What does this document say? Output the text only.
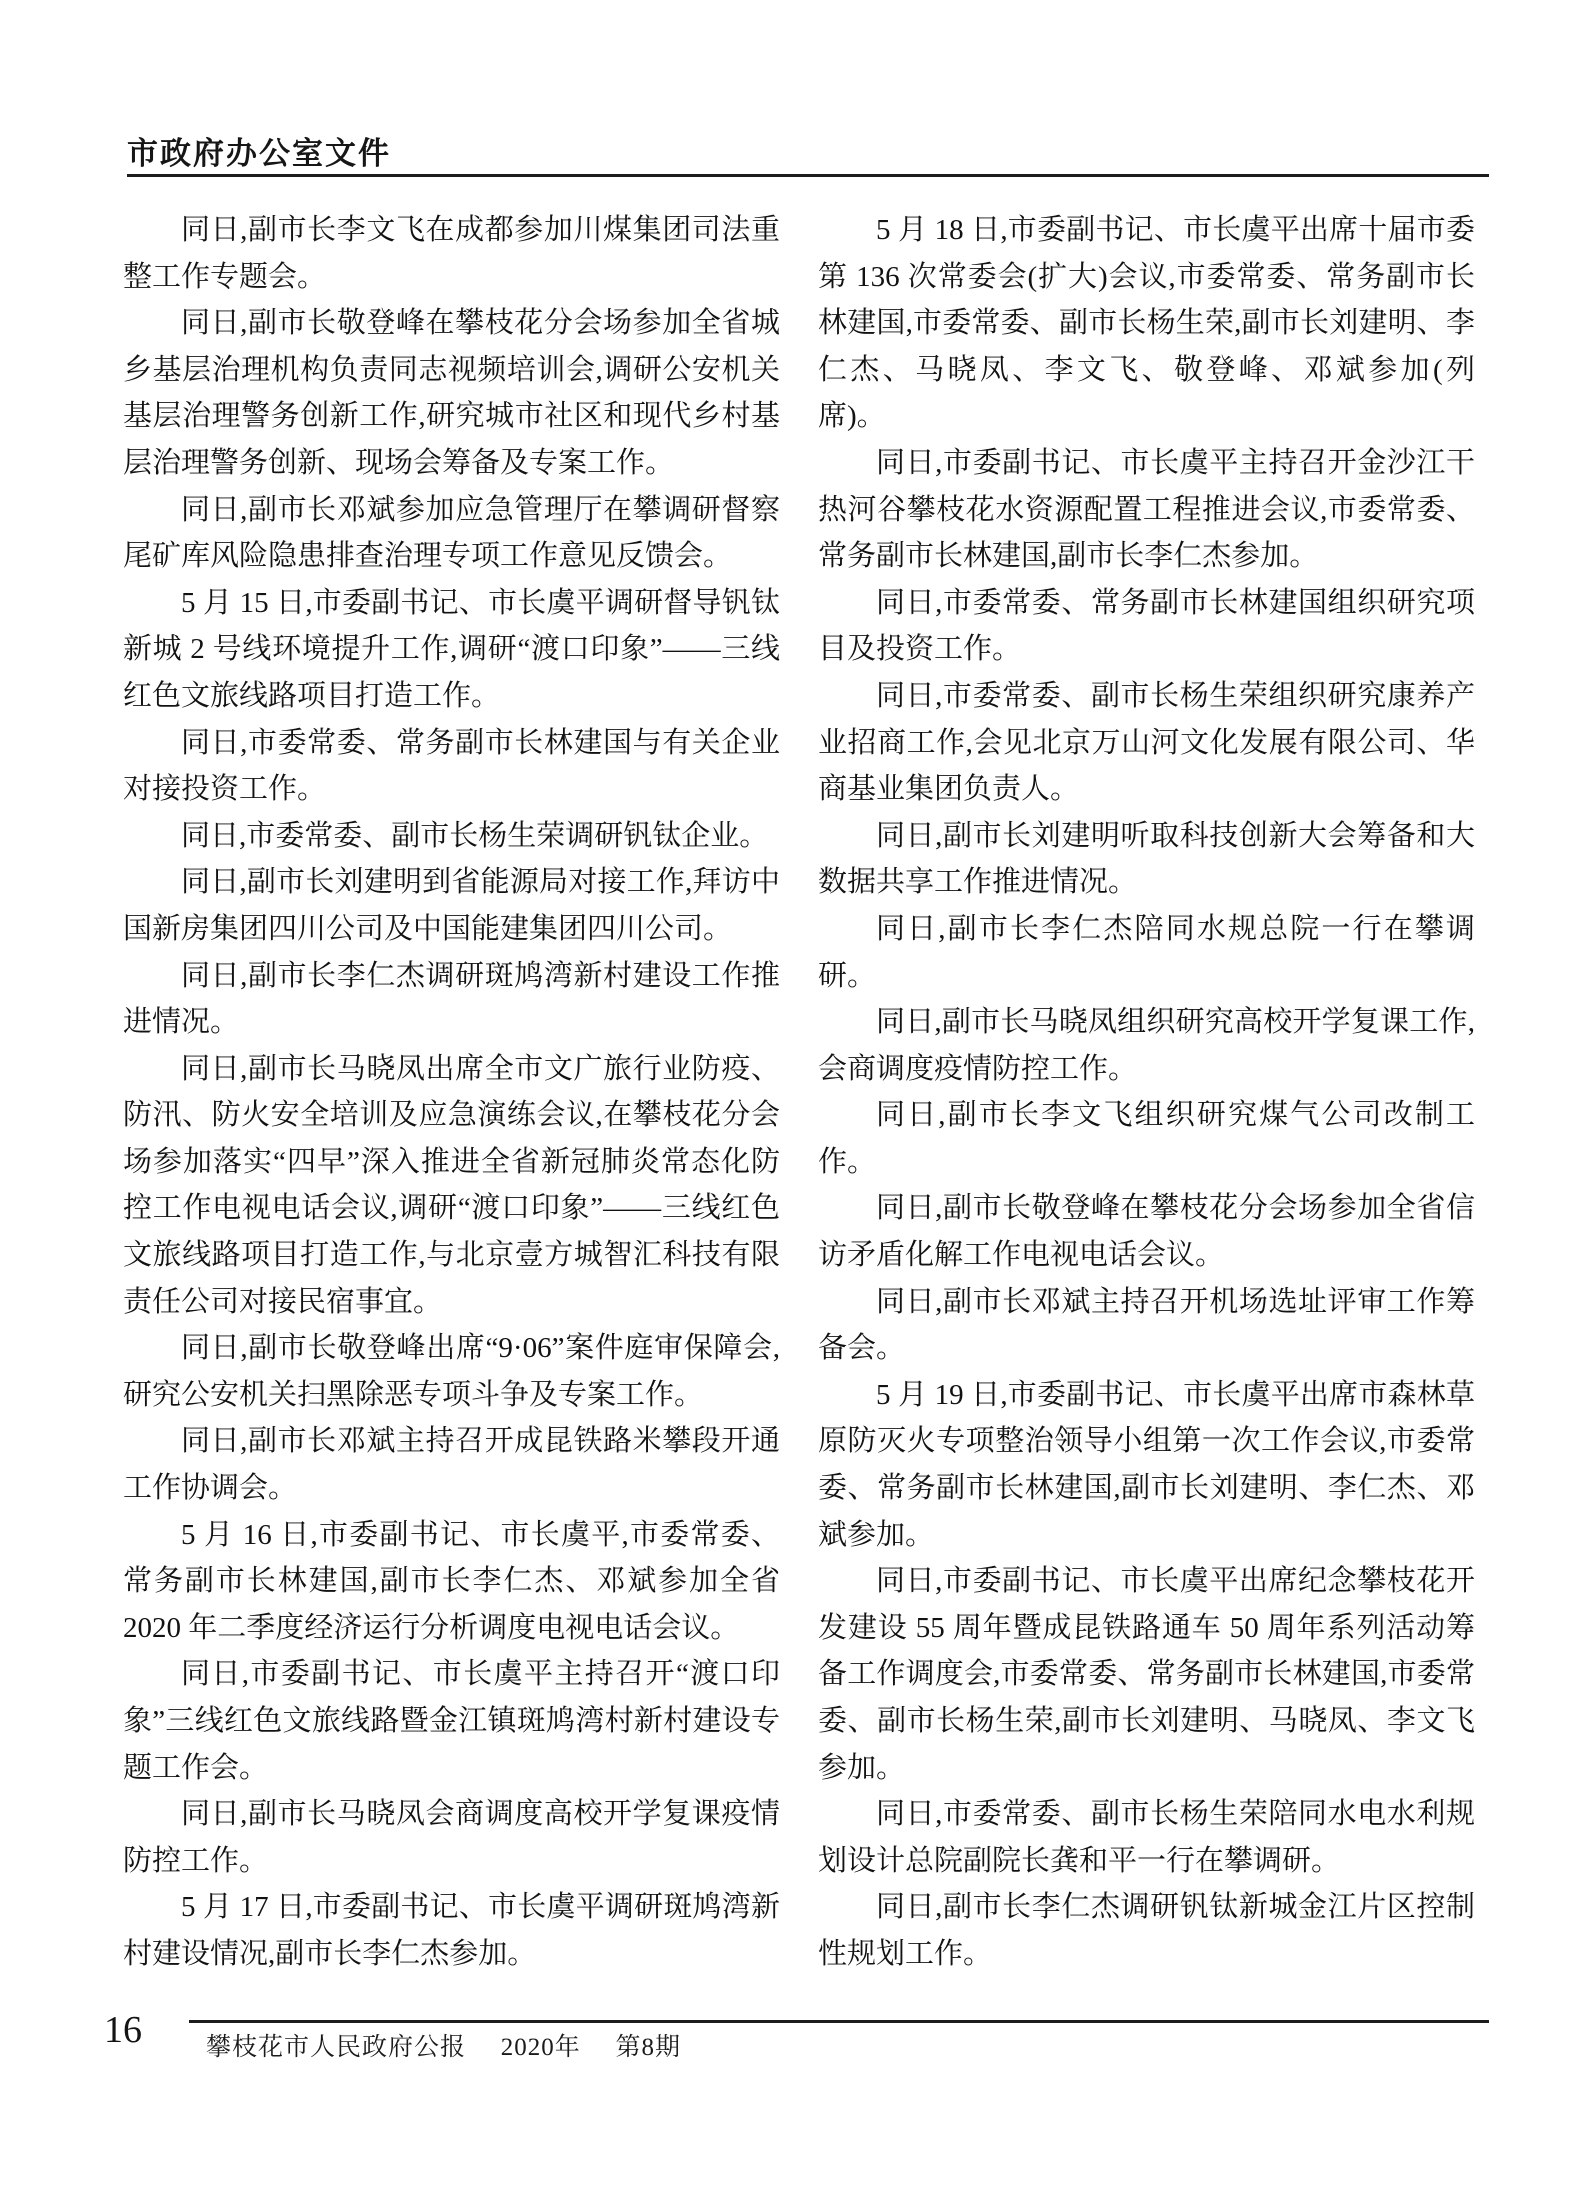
市政府办公室文件

同日,副市长李文飞在成都参加川煤集团司法重整工作专题会。

同日,副市长敬登峰在攀枝花分会场参加全省城乡基层治理机构负责同志视频培训会,调研公安机关基层治理警务创新工作,研究城市社区和现代乡村基层治理警务创新、现场会筹备及专案工作。

同日,副市长邓斌参加应急管理厅在攀调研督察尾矿库风险隐患排查治理专项工作意见反馈会。

5 月 15 日,市委副书记、市长虞平调研督导钒钛新城 2 号线环境提升工作,调研“渡口印象”——三线红色文旅线路项目打造工作。

同日,市委常委、常务副市长林建国与有关企业对接投资工作。

同日,市委常委、副市长杨生荣调研钒钛企业。

同日,副市长刘建明到省能源局对接工作,拜访中国新房集团四川公司及中国能建集团四川公司。

同日,副市长李仁杰调研斑鸠湾新村建设工作推进情况。

同日,副市长马晓凤出席全市文广旅行业防疫、防汛、防火安全培训及应急演练会议,在攀枝花分会场参加落实“四早”深入推进全省新冠肺炎常态化防控工作电视电话会议,调研“渡口印象”——三线红色文旅线路项目打造工作,与北京壹方城智汇科技有限责任公司对接民宿事宜。

同日,副市长敬登峰出席“9·06”案件庭审保障会,研究公安机关扫黑除恶专项斗争及专案工作。

同日,副市长邓斌主持召开成昆铁路米攀段开通工作协调会。

5 月 16 日,市委副书记、市长虞平,市委常委、常务副市长林建国,副市长李仁杰、邓斌参加全省 2020 年二季度经济运行分析调度电视电话会议。

同日,市委副书记、市长虞平主持召开“渡口印象”三线红色文旅线路暨金江镇斑鸠湾村新村建设专题工作会。

同日,副市长马晓凤会商调度高校开学复课疫情防控工作。

5 月 17 日,市委副书记、市长虞平调研斑鸠湾新村建设情况,副市长李仁杰参加。

5 月 18 日,市委副书记、市长虞平出席十届市委第 136 次常委会(扩大)会议,市委常委、常务副市长林建国,市委常委、副市长杨生荣,副市长刘建明、李仁杰、马晓凤、李文飞、敬登峰、邓斌参加(列席)。

同日,市委副书记、市长虞平主持召开金沙江干热河谷攀枝花水资源配置工程推进会议,市委常委、常务副市长林建国,副市长李仁杰参加。

同日,市委常委、常务副市长林建国组织研究项目及投资工作。

同日,市委常委、副市长杨生荣组织研究康养产业招商工作,会见北京万山河文化发展有限公司、华商基业集团负责人。

同日,副市长刘建明听取科技创新大会筹备和大数据共享工作推进情况。

同日,副市长李仁杰陪同水规总院一行在攀调研。

同日,副市长马晓凤组织研究高校开学复课工作,会商调度疫情防控工作。

同日,副市长李文飞组织研究煤气公司改制工作。

同日,副市长敬登峰在攀枝花分会场参加全省信访矛盾化解工作电视电话会议。

同日,副市长邓斌主持召开机场选址评审工作筹备会。

5 月 19 日,市委副书记、市长虞平出席市森林草原防灭火专项整治领导小组第一次工作会议,市委常委、常务副市长林建国,副市长刘建明、李仁杰、邓斌参加。

同日,市委副书记、市长虞平出席纪念攀枝花开发建设 55 周年暨成昆铁路通车 50 周年系列活动筹备工作调度会,市委常委、常务副市长林建国,市委常委、副市长杨生荣,副市长刘建明、马晓凤、李文飞参加。

同日,市委常委、副市长杨生荣陪同水电水利规划设计总院副院长龚和平一行在攀调研。

同日,副市长李仁杰调研钒钛新城金江片区控制性规划工作。

16	攀枝花市人民政府公报 2020年 第8期
